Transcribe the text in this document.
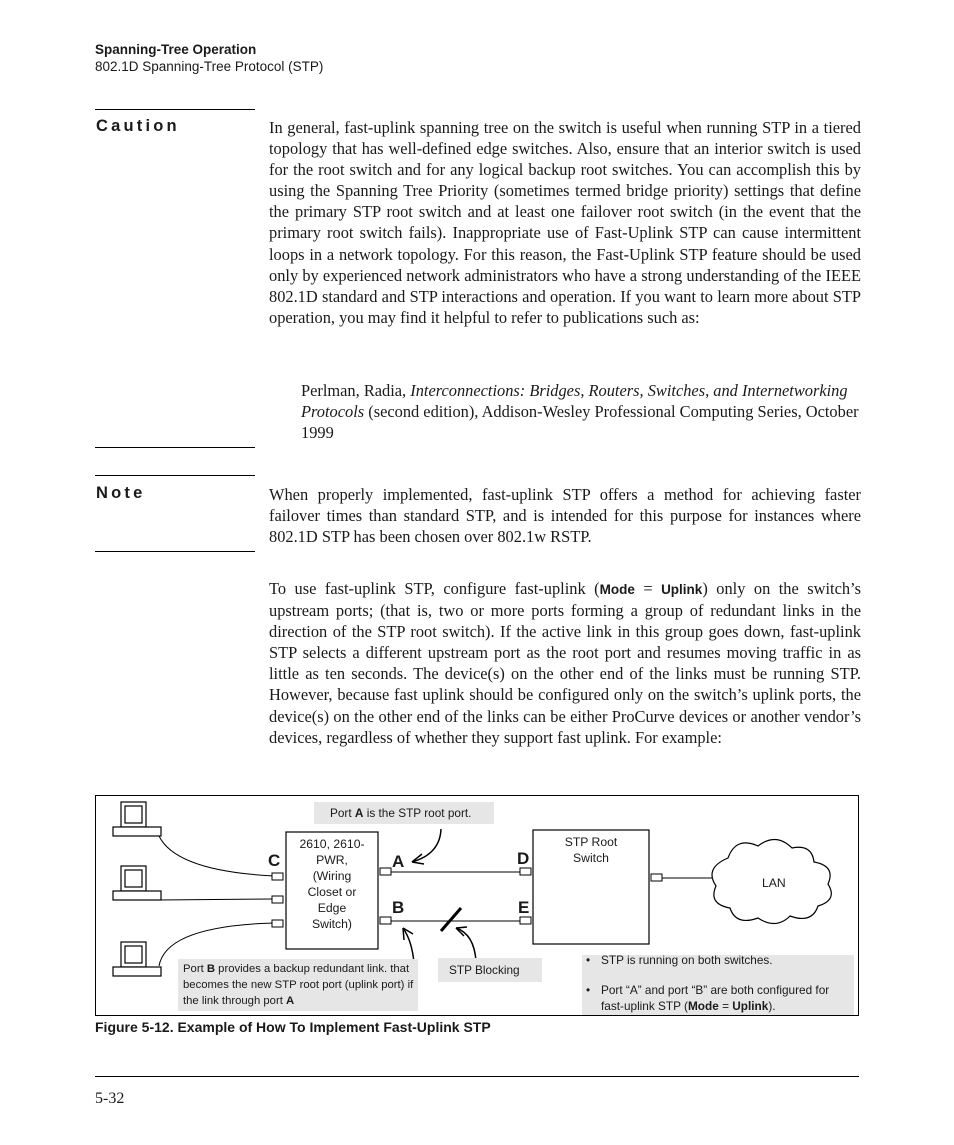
Spanning-Tree Operation
802.1D Spanning-Tree Protocol (STP)
Caution	In general, fast-uplink spanning tree on the switch is useful when running STP in a tiered topology that has well-defined edge switches. Also, ensure that an interior switch is used for the root switch and for any logical backup root switches. You can accomplish this by using the Spanning Tree Priority (sometimes termed bridge priority) settings that define the primary STP root switch and at least one failover root switch (in the event that the primary root switch fails). Inappropriate use of Fast-Uplink STP can cause intermittent loops in a network topology. For this reason, the Fast-Uplink STP feature should be used only by experienced network administrators who have a strong understanding of the IEEE 802.1D standard and STP interactions and operation. If you want to learn more about STP operation, you may find it helpful to refer to publications such as:
Perlman, Radia, Interconnections: Bridges, Routers, Switches, and Internetworking Protocols (second edition), Addison-Wesley Professional Computing Series, October 1999
Note	When properly implemented, fast-uplink STP offers a method for achieving faster failover times than standard STP, and is intended for this purpose for instances where 802.1D STP has been chosen over 802.1w RSTP.
To use fast-uplink STP, configure fast-uplink (Mode = Uplink) only on the switch’s upstream ports; (that is, two or more ports forming a group of redundant links in the direction of the STP root switch). If the active link in this group goes down, fast-uplink STP selects a different upstream port as the root port and resumes moving traffic in as little as ten seconds. The device(s) on the other end of the links must be running STP. However, because fast uplink should be configured only on the switch’s uplink ports, the device(s) on the other end of the links can be either ProCurve devices or another vendor’s devices, regardless of whether they support fast uplink. For example:
Port A is the STP root port.
2610, 2610-
PWR,
(Wiring
Closet or
Edge
Switch)
STP Root
Switch
C	A
B
D
E
LAN
Port B provides a backup redundant link. that becomes the new STP root port (uplink port) if the link through port A
STP Blocking
• STP is running on both switches.
• Port “A” and port “B” are both configured for fast-uplink STP (Mode = Uplink).
Figure 5-12. Example of How To Implement Fast-Uplink STP
5-32
